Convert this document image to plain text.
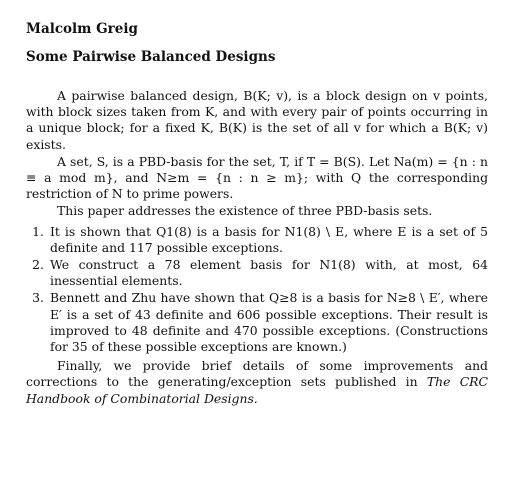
Malcolm Greig
Some Pairwise Balanced Designs

A pairwise balanced design, B(K; v), is a block design on v points, with block sizes taken from K, and with every pair of points occurring in a unique block; for a fixed K, B(K) is the set of all v for which a B(K; v) exists.

A set, S, is a PBD-basis for the set, T, if T = B(S). Let Na(m) = {n : n ≡ a mod m}, and N≥m = {n : n ≥ m}; with Q the corresponding restriction of N to prime powers.

This paper addresses the existence of three PBD-basis sets.

1. It is shown that Q1(8) is a basis for N1(8) \ E, where E is a set of 5 definite and 117 possible exceptions.
2. We construct a 78 element basis for N1(8) with, at most, 64 inessential elements.
3. Bennett and Zhu have shown that Q≥8 is a basis for N≥8 \ E′, where E′ is a set of 43 definite and 606 possible exceptions. Their result is improved to 48 definite and 470 possible exceptions. (Constructions for 35 of these possible exceptions are known.)

Finally, we provide brief details of some improvements and corrections to the generating/exception sets published in The CRC Handbook of Combinatorial Designs.
